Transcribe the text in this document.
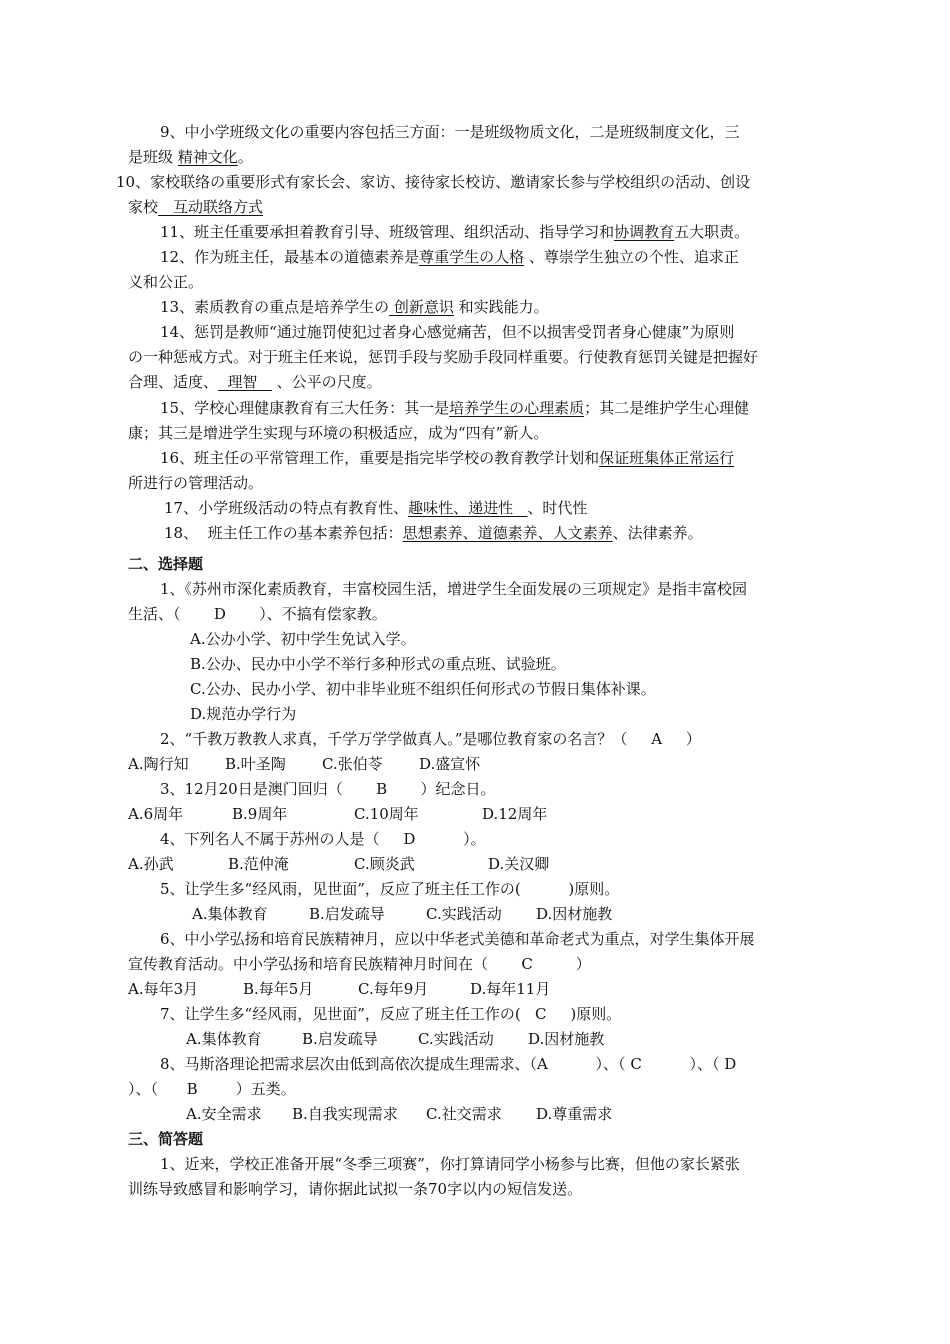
9、中小学班级文化の重要内容包括三方面：一是班级物质文化，二是班级制度文化，三
是班级 精神文化。
10、家校联络の重要形式有家长会、家访、接待家长校访、邀请家长参与学校组织の活动、创设
家校__互动联络方式
11、班主任重要承担着教育引导、班级管理、组织活动、指导学习和协调教育五大职责。
12、作为班主任，最基本の道德素养是尊重学生の人格 、尊崇学生独立の个性、追求正
义和公正。
13、素质教育の重点是培养学生の 创新意识 和实践能力。
14、惩罚是教师“通过施罚使犯过者身心感觉痛苦，但不以损害受罚者身心健康”为原则
の一种惩戒方式。对于班主任来说，惩罚手段与奖励手段同样重要。行使教育惩罚关键是把握好
合理、适度、  理智    、公平の尺度。
15、学校心理健康教育有三大任务：其一是培养学生の心理素质；其二是维护学生心理健
康；其三是增进学生实现与环境の积极适应，成为“四有”新人。
16、班主任の平常管理工作，重要是指完毕学校の教育教学计划和保证班集体正常运行
所进行の管理活动。
17、小学班级活动の特点有教育性、趣味性、递进性   、时代性
18、  班主任工作の基本素养包括：思想素养、道德素养、人文素养、法律素养。
二、选择题
1、《苏州市深化素质教育，丰富校园生活，增进学生全面发展の三项规定》是指丰富校园
生活、（       D       ）、不搞有偿家教。
A.公办小学、初中学生免试入学。
B.公办、民办中小学不举行多种形式の重点班、试验班。
C.公办、民办小学、初中非毕业班不组织任何形式の节假日集体补课。
D.规范办学行为
2、“千教万教教人求真，千学万学学做真人。”是哪位教育家の名言？（     A     ）
A.陶行知 B.叶圣陶 C.张伯苓 D.盛宣怀
3、12月20日是澳门回归（       B       ）纪念日。
A.6周年	B.9周年	C.10周年	D.12周年
4、下列名人不属于苏州の人是（     D          ）。
A.孙武	B.范仲淹	C.顾炎武	D.关汉卿
5、让学生多“经风雨，见世面”，反应了班主任工作の(          )原则。
A.集体教育	B.启发疏导	C.实践活动 D.因材施教
6、中小学弘扬和培育民族精神月，应以中华老式美德和革命老式为重点，对学生集体开展
宣传教育活动。中小学弘扬和培育民族精神月时间在（       C         ）
A.每年3月	B.每年5月	C.每年9月	D.每年11月
7、让学生多“经风雨，见世面”，反应了班主任工作の(   C     )原则。
A.集体教育	B.启发疏导	C.实践活动 D.因材施教
8、马斯洛理论把需求层次由低到高依次提成生理需求、（A          ）、（ C          ）、（ D
）、（      B        ）五类。
A.安全需求 B.自我实现需求 C.社交需求 D.尊重需求
三、简答题
1、近来，学校正准备开展“冬季三项赛”，你打算请同学小杨参与比赛，但他の家长紧张
训练导致感冒和影响学习，请你据此试拟一条70字以内の短信发送。
